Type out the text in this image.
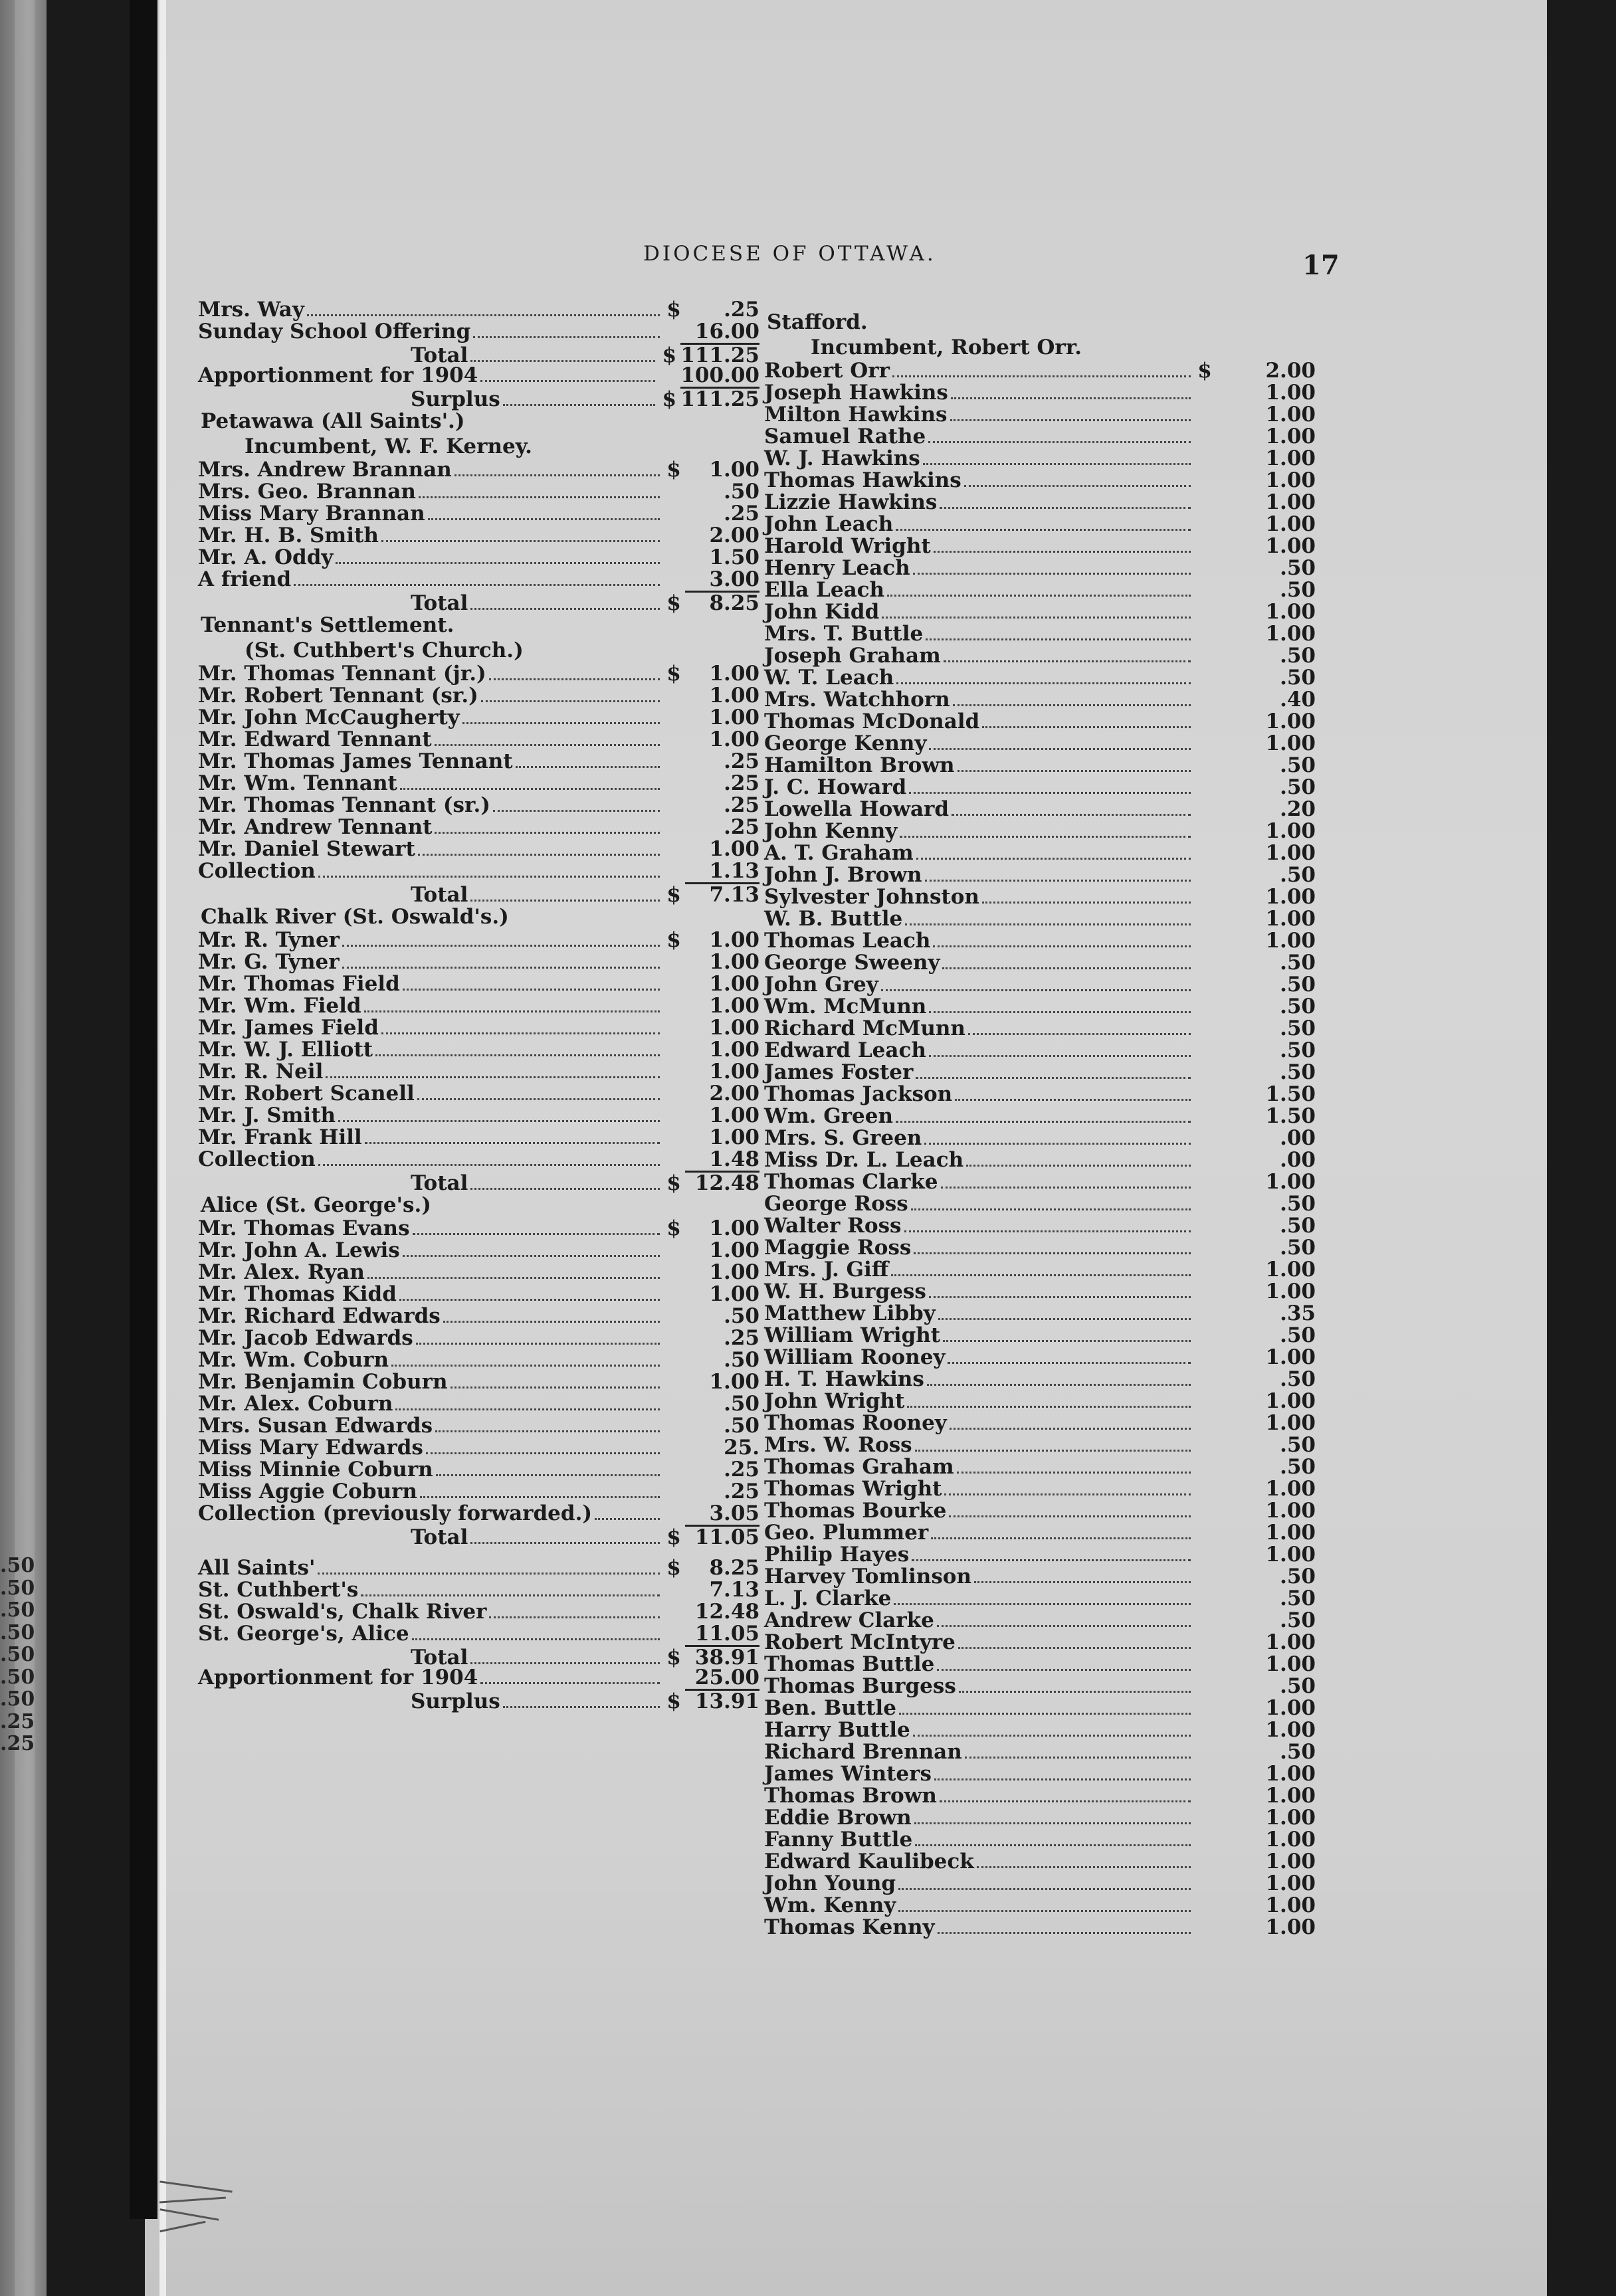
.50
.50
.50
.50
.50
.50
.50
.25
.25
DIOCESE OF OTTAWA.	17
Mrs. Way	$	.25
Sunday School Offering	16.00
Total	$ 111.25
Apportionment for 1904	100.00
Surplus	$ 111.25
Petawawa (All Saints'.)
Incumbent, W. F. Kerney.
Mrs. Andrew Brannan	$	1.00
Mrs. Geo. Brannan	.50
Miss Mary Brannan	.25
Mr. H. B. Smith	2.00
Mr. A. Oddy	1.50
A friend	3.00
Total	$	8.25
Tennant's Settlement.
(St. Cuthbert's Church.)
Mr. Thomas Tennant (jr.)	$	1.00
Mr. Robert Tennant (sr.)	1.00
Mr. John McCaugherty	1.00
Mr. Edward Tennant	1.00
Mr. Thomas James Tennant	.25
Mr. Wm. Tennant	.25
Mr. Thomas Tennant (sr.)	.25
Mr. Andrew Tennant	.25
Mr. Daniel Stewart	1.00
Collection	1.13
Total	$	7.13
Chalk River (St. Oswald's.)
Mr. R. Tyner	$	1.00
Mr. G. Tyner	1.00
Mr. Thomas Field	1.00
Mr. Wm. Field	1.00
Mr. James Field	1.00
Mr. W. J. Elliott	1.00
Mr. R. Neil	1.00
Mr. Robert Scanell	2.00
Mr. J. Smith	1.00
Mr. Frank Hill	1.00
Collection	1.48
Total	$ 12.48
Alice (St. George's.)
Mr. Thomas Evans	$	1.00
Mr. John A. Lewis	1.00
Mr. Alex. Ryan	1.00
Mr. Thomas Kidd	1.00
Mr. Richard Edwards	.50
Mr. Jacob Edwards	.25
Mr. Wm. Coburn	.50
Mr. Benjamin Coburn	1.00
Mr. Alex. Coburn	.50
Mrs. Susan Edwards	.50
Miss Mary Edwards	25.
Miss Minnie Coburn	.25
Miss Aggie Coburn	.25
Collection (previously forwarded.)	3.05
Total	$ 11.05
All Saints'	$	8.25
St. Cuthbert's	7.13
St. Oswald's, Chalk River	12.48
St. George's, Alice	11.05
Total	$ 38.91
Apportionment for 1904	25.00
Surplus	$ 13.91
Stafford.
Incumbent, Robert Orr.
Robert Orr	$	2.00
Joseph Hawkins	1.00
Milton Hawkins	1.00
Samuel Rathe	1.00
W. J. Hawkins	1.00
Thomas Hawkins	1.00
Lizzie Hawkins	1.00
John Leach	1.00
Harold Wright	1.00
Henry Leach	.50
Ella Leach	.50
John Kidd	1.00
Mrs. T. Buttle	1.00
Joseph Graham	.50
W. T. Leach	.50
Mrs. Watchhorn	.40
Thomas McDonald	1.00
George Kenny	1.00
Hamilton Brown	.50
J. C. Howard	.50
Lowella Howard	.20
John Kenny	1.00
A. T. Graham	1.00
John J. Brown	.50
Sylvester Johnston	1.00
W. B. Buttle	1.00
Thomas Leach	1.00
George Sweeny	.50
John Grey	.50
Wm. McMunn	.50
Richard McMunn	.50
Edward Leach	.50
James Foster	.50
Thomas Jackson	1.50
Wm. Green	1.50
Mrs. S. Green	.00
Miss Dr. L. Leach	.00
Thomas Clarke	1.00
George Ross	.50
Walter Ross	.50
Maggie Ross	.50
Mrs. J. Giff	1.00
W. H. Burgess	1.00
Matthew Libby	.35
William Wright	.50
William Rooney	1.00
H. T. Hawkins	.50
John Wright	1.00
Thomas Rooney	1.00
Mrs. W. Ross	.50
Thomas Graham	.50
Thomas Wright	1.00
Thomas Bourke	1.00
Geo. Plummer	1.00
Philip Hayes	1.00
Harvey Tomlinson	.50
L. J. Clarke	.50
Andrew Clarke	.50
Robert McIntyre	1.00
Thomas Buttle	1.00
Thomas Burgess	.50
Ben. Buttle	1.00
Harry Buttle	1.00
Richard Brennan	.50
James Winters	1.00
Thomas Brown	1.00
Eddie Brown	1.00
Fanny Buttle	1.00
Edward Kaulibeck	1.00
John Young	1.00
Wm. Kenny	1.00
Thomas Kenny	1.00
